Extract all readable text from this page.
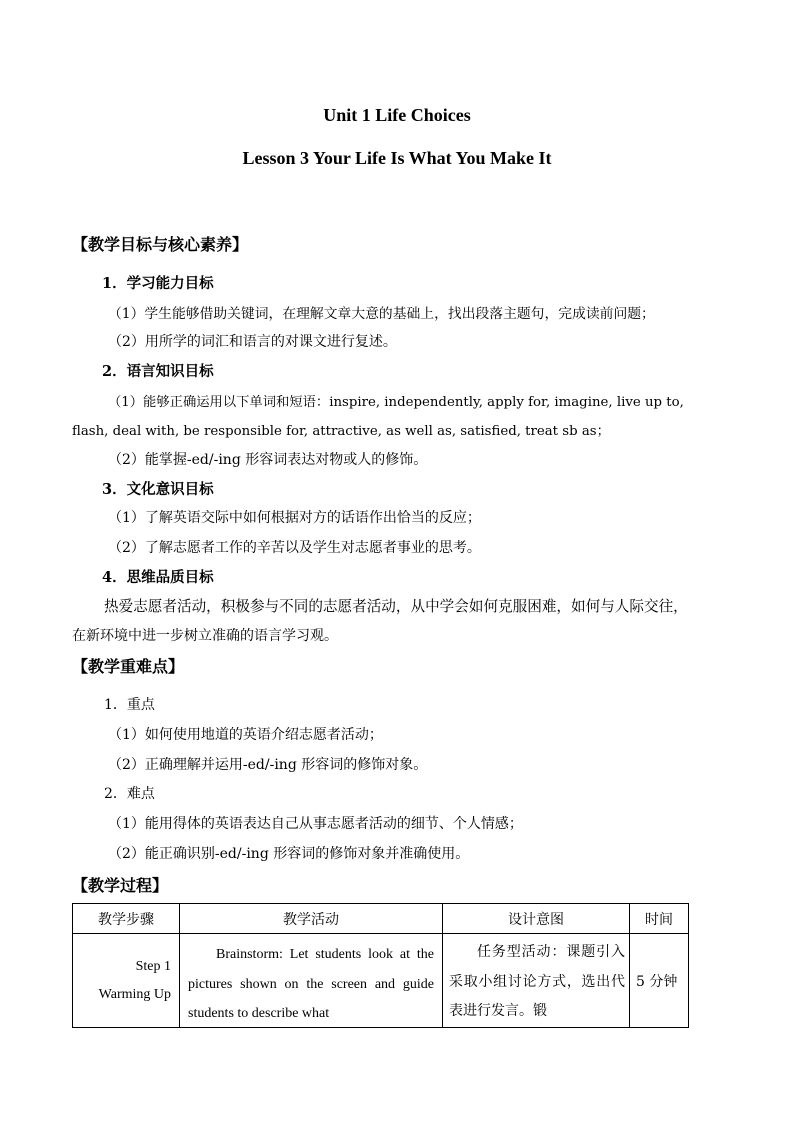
Unit 1 Life Choices
Lesson 3 Your Life Is What You Make It
【教学目标与核心素养】
1．学习能力目标
（1）学生能够借助关键词，在理解文章大意的基础上，找出段落主题句，完成读前问题；
（2）用所学的词汇和语言的对课文进行复述。
2．语言知识目标
（1）能够正确运用以下单词和短语：inspire, independently, apply for, imagine, live up to,
flash, deal with, be responsible for, attractive, as well as, satisfied, treat sb as；
（2）能掌握-ed/-ing 形容词表达对物或人的修饰。
3．文化意识目标
（1）了解英语交际中如何根据对方的话语作出恰当的反应；
（2）了解志愿者工作的辛苦以及学生对志愿者事业的思考。
4．思维品质目标
热爱志愿者活动，积极参与不同的志愿者活动，从中学会如何克服困难，如何与人际交往，
在新环境中进一步树立准确的语言学习观。
【教学重难点】
1．重点
（1）如何使用地道的英语介绍志愿者活动；
（2）正确理解并运用-ed/-ing 形容词的修饰对象。
2．难点
（1）能用得体的英语表达自己从事志愿者活动的细节、个人情感；
（2）能正确识别-ed/-ing 形容词的修饰对象并准确使用。
【教学过程】
教学步骤	教学活动	设计意图	时间

Step 1
Warming Up	Brainstorm: Let students look at the pictures shown on the screen and guide students to describe what	任务型活动：课题引入采取小组讨论方式，选出代表进行发言。锻	5 分钟
